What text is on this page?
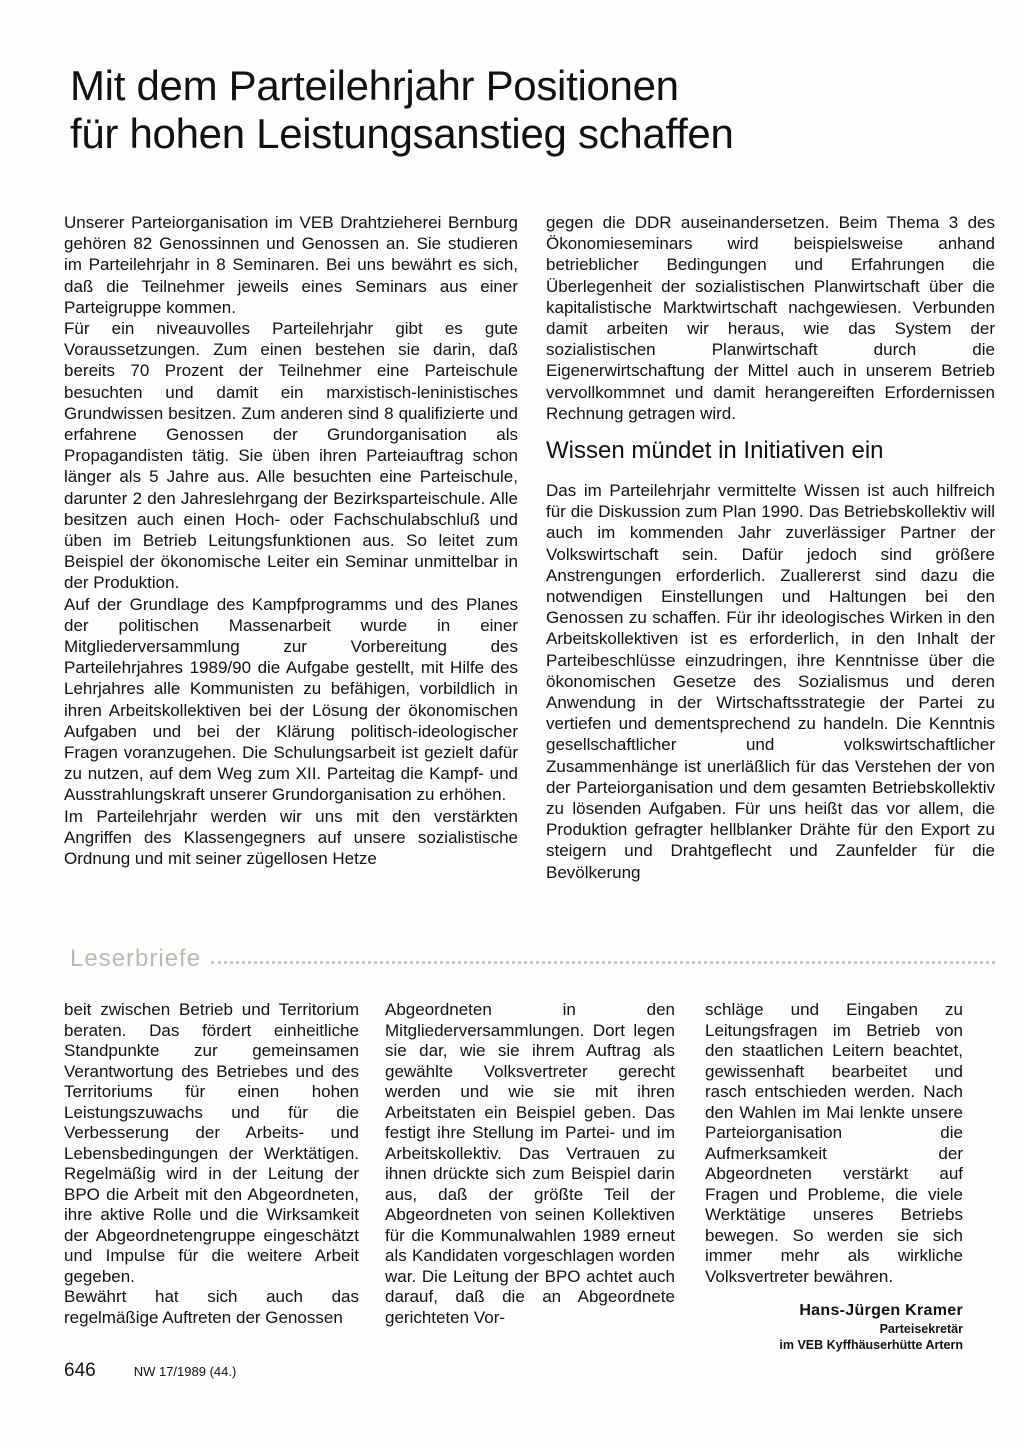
Mit dem Parteilehrjahr Positionen
für hohen Leistungsanstieg schaffen

Unserer Parteiorganisation im VEB Drahtzieherei Bernburg gehören 82 Genossinnen und Genossen an. Sie studieren im Parteilehrjahr in 8 Seminaren. Bei uns bewährt es sich, daß die Teilnehmer jeweils eines Seminars aus einer Parteigruppe kommen.

Für ein niveauvolles Parteilehrjahr gibt es gute Voraussetzungen. Zum einen bestehen sie darin, daß bereits 70 Prozent der Teilnehmer eine Parteischule besuchten und damit ein marxistisch-leninistisches Grundwissen besitzen. Zum anderen sind 8 qualifizierte und erfahrene Genossen der Grundorganisation als Propagandisten tätig. Sie üben ihren Parteiauftrag schon länger als 5 Jahre aus. Alle besuchten eine Parteischule, darunter 2 den Jahreslehrgang der Bezirksparteischule. Alle besitzen auch einen Hoch- oder Fachschulabschluß und üben im Betrieb Leitungsfunktionen aus. So leitet zum Beispiel der ökonomische Leiter ein Seminar unmittelbar in der Produktion.

Auf der Grundlage des Kampfprogramms und des Planes der politischen Massenarbeit wurde in einer Mitgliederversammlung zur Vorbereitung des Parteilehrjahres 1989/90 die Aufgabe gestellt, mit Hilfe des Lehrjahres alle Kommunisten zu befähigen, vorbildlich in ihren Arbeitskollektiven bei der Lösung der ökonomischen Aufgaben und bei der Klärung politisch-ideologischer Fragen voranzugehen. Die Schulungsarbeit ist gezielt dafür zu nutzen, auf dem Weg zum XII. Parteitag die Kampf- und Ausstrahlungskraft unserer Grundorganisation zu erhöhen.

Im Parteilehrjahr werden wir uns mit den verstärkten Angriffen des Klassengegners auf unsere sozialistische Ordnung und mit seiner zügellosen Hetze

gegen die DDR auseinandersetzen. Beim Thema 3 des Ökonomieseminars wird beispielsweise anhand betrieblicher Bedingungen und Erfahrungen die Überlegenheit der sozialistischen Planwirtschaft über die kapitalistische Marktwirtschaft nachgewiesen. Verbunden damit arbeiten wir heraus, wie das System der sozialistischen Planwirtschaft durch die Eigenerwirtschaftung der Mittel auch in unserem Betrieb vervollkommnet und damit herangereiften Erfordernissen Rechnung getragen wird.

Wissen mündet in Initiativen ein

Das im Parteilehrjahr vermittelte Wissen ist auch hilfreich für die Diskussion zum Plan 1990. Das Betriebskollektiv will auch im kommenden Jahr zuverlässiger Partner der Volkswirtschaft sein. Dafür jedoch sind größere Anstrengungen erforderlich. Zuallererst sind dazu die notwendigen Einstellungen und Haltungen bei den Genossen zu schaffen. Für ihr ideologisches Wirken in den Arbeitskollektiven ist es erforderlich, in den Inhalt der Parteibeschlüsse einzudringen, ihre Kenntnisse über die ökonomischen Gesetze des Sozialismus und deren Anwendung in der Wirtschaftsstrategie der Partei zu vertiefen und dementsprechend zu handeln. Die Kenntnis gesellschaftlicher und volkswirtschaftlicher Zusammenhänge ist unerläßlich für das Verstehen der von der Parteiorganisation und dem gesamten Betriebskollektiv zu lösenden Aufgaben. Für uns heißt das vor allem, die Produktion gefragter hellblanker Drähte für den Export zu steigern und Drahtgeflecht und Zaunfelder für die Bevölkerung

Leserbriefe

beit zwischen Betrieb und Territorium beraten. Das fördert einheitliche Standpunkte zur gemeinsamen Verantwortung des Betriebes und des Territoriums für einen hohen Leistungszuwachs und für die Verbesserung der Arbeits- und Lebensbedingungen der Werktätigen. Regelmäßig wird in der Leitung der BPO die Arbeit mit den Abgeordneten, ihre aktive Rolle und die Wirksamkeit der Abgeordnetengruppe eingeschätzt und Impulse für die weitere Arbeit gegeben.

Bewährt hat sich auch das regelmäßige Auftreten der Genossen

Abgeordneten in den Mitgliederversammlungen. Dort legen sie dar, wie sie ihrem Auftrag als gewählte Volksvertreter gerecht werden und wie sie mit ihren Arbeitstaten ein Beispiel geben. Das festigt ihre Stellung im Partei- und im Arbeitskollektiv. Das Vertrauen zu ihnen drückte sich zum Beispiel darin aus, daß der größte Teil der Abgeordneten von seinen Kollektiven für die Kommunalwahlen 1989 erneut als Kandidaten vorgeschlagen worden war. Die Leitung der BPO achtet auch darauf, daß die an Abgeordnete gerichteten Vor-

schläge und Eingaben zu Leitungsfragen im Betrieb von den staatlichen Leitern beachtet, gewissenhaft bearbeitet und rasch entschieden werden. Nach den Wahlen im Mai lenkte unsere Parteiorganisation die Aufmerksamkeit der Abgeordneten verstärkt auf Fragen und Probleme, die viele Werktätige unseres Betriebs bewegen. So werden sie sich immer mehr als wirkliche Volksvertreter bewähren.

Hans-Jürgen Kramer
Parteisekretär
im VEB Kyffhäuserhütte Artern
646	NW 17/1989 (44.)
